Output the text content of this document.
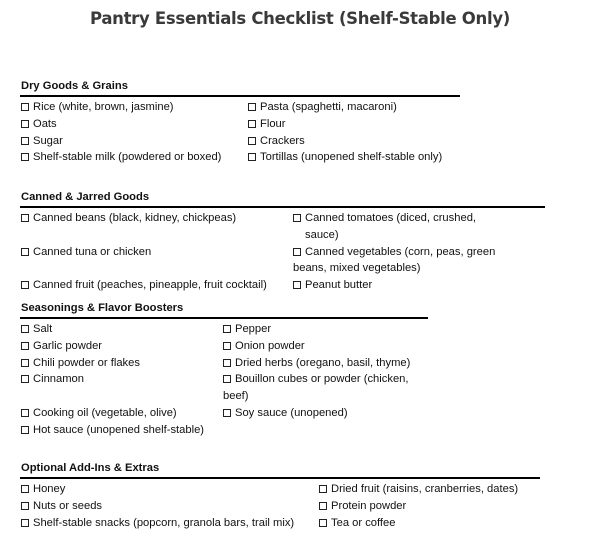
Pantry Essentials Checklist (Shelf-Stable Only)
Dry Goods & Grains
Rice (white, brown, jasmine)	Pasta (spaghetti, macaroni)
Oats	Flour
Sugar	Crackers
Shelf-stable milk (powdered or boxed)	Tortillas (unopened shelf-stable only)
Canned & Jarred Goods
Canned beans (black, kidney, chickpeas)	Canned tomatoes (diced, crushed, sauce)
Canned tuna or chicken	Canned vegetables (corn, peas, green beans, mixed vegetables)
Canned fruit (peaches, pineapple, fruit cocktail)	Peanut butter
Seasonings & Flavor Boosters
Salt	Pepper
Garlic powder	Onion powder
Chili powder or flakes	Dried herbs (oregano, basil, thyme)
Cinnamon	Bouillon cubes or powder (chicken, beef)
Cooking oil (vegetable, olive)	Soy sauce (unopened)
Hot sauce (unopened shelf-stable)
Optional Add-Ins & Extras
Honey	Dried fruit (raisins, cranberries, dates)
Nuts or seeds	Protein powder
Shelf-stable snacks (popcorn, granola bars, trail mix)	Tea or coffee
